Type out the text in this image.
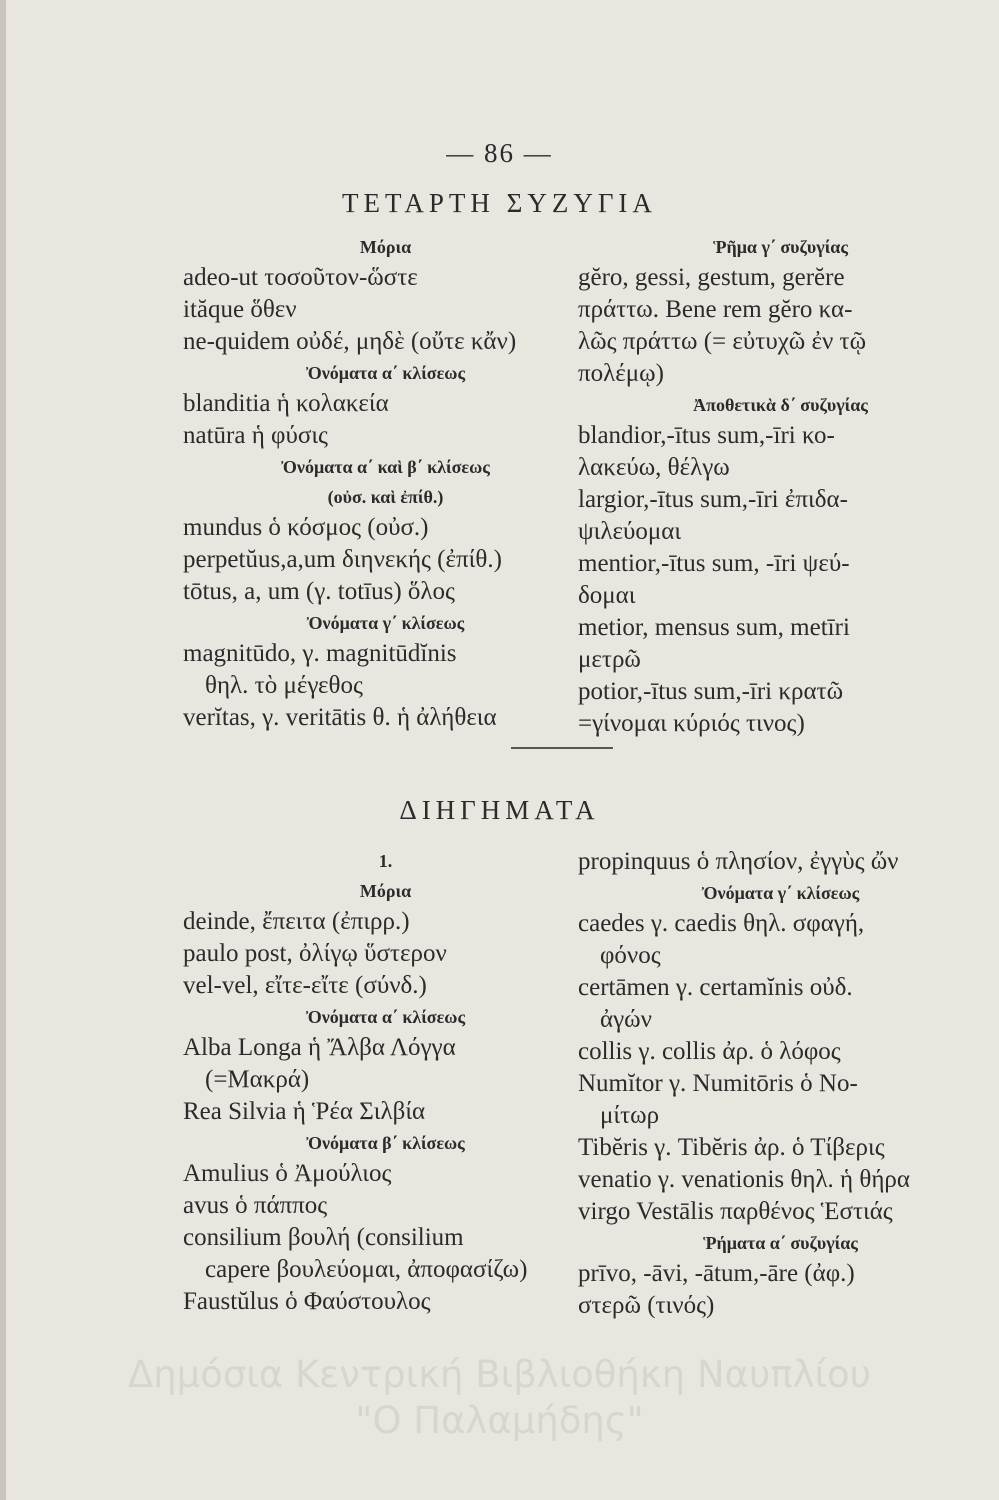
— 86 —
ΤΕΤΑΡΤΗ ΣΥΖΥΓΙΑ
Μόρια
adeo-ut τοσοῦτον-ὥστε
ităque ὅθεν
ne-quidem οὐδέ, μηδὲ (οὔτε κἄν)
Ὀνόματα α΄ κλίσεως
blanditia ἡ κολακεία
natūra ἡ φύσις
Ὀνόματα α΄ καὶ β΄ κλίσεως
(οὐσ. καὶ ἐπίθ.)
mundus ὁ κόσμος (οὐσ.)
perpetŭus,a,um διηνεκής (ἐπίθ.)
tōtus, a, um (γ. totīus) ὅλος
Ὀνόματα γ΄ κλίσεως
magnitūdo, γ. magnitūdĭnis
θηλ. τὸ μέγεθος
verĭtas, γ. veritātis θ. ἡ ἀλήθεια
Ῥῆμα γ΄ συζυγίας
gĕro, gessi, gestum, gerĕre
πράττω. Bene rem gĕro κα-
λῶς πράττω (= εὐτυχῶ ἐν τῷ
πολέμῳ)
Ἀποθετικὰ δ΄ συζυγίας
blandior,-ītus sum,-īri κο-
λακεύω, θέλγω
largior,-ītus sum,-īri ἐπιδα-
ψιλεύομαι
mentior,-ītus sum, -īri ψεύ-
δομαι
metior, mensus sum, metīri
μετρῶ
potior,-ītus sum,-īri κρατῶ
=γίνομαι κύριός τινος)
ΔΙΗΓΗΜΑΤΑ
1.
Μόρια
deinde, ἔπειτα (ἐπιρρ.)
paulo post, ὀλίγῳ ὕστερον
vel-vel, εἴτε-εἴτε (σύνδ.)
Ὀνόματα α΄ κλίσεως
Alba Longa ἡ Ἄλβα Λόγγα
(=Μακρά)
Rea Silvia ἡ Ῥέα Σιλβία
Ὀνόματα β΄ κλίσεως
Amulius ὁ Ἀμούλιος
avus ὁ πάππος
consilium βουλή (consilium
capere βουλεύομαι, ἀποφασίζω)
Faustŭlus ὁ Φαύστουλος
propinquus ὁ πλησίον, ἐγγὺς ὤν
Ὀνόματα γ΄ κλίσεως
caedes γ. caedis θηλ. σφαγή,
φόνος
certāmen γ. certamĭnis οὐδ.
ἀγών
collis γ. collis ἀρ. ὁ λόφος
Numĭtor γ. Numitōris ὁ Νο-
μίτωρ
Tibĕris γ. Tibĕris ἀρ. ὁ Τίβερις
venatio γ. venationis θηλ. ἡ θήρα
virgo Vestālis παρθένος Ἑστιάς
Ῥήματα α΄ συζυγίας
prīvo, -āvi, -ātum,-āre (ἀφ.)
στερῶ (τινός)
Δημόσια Κεντρική Βιβλιοθήκη Ναυπλίου
"Ο Παλαμήδης"
